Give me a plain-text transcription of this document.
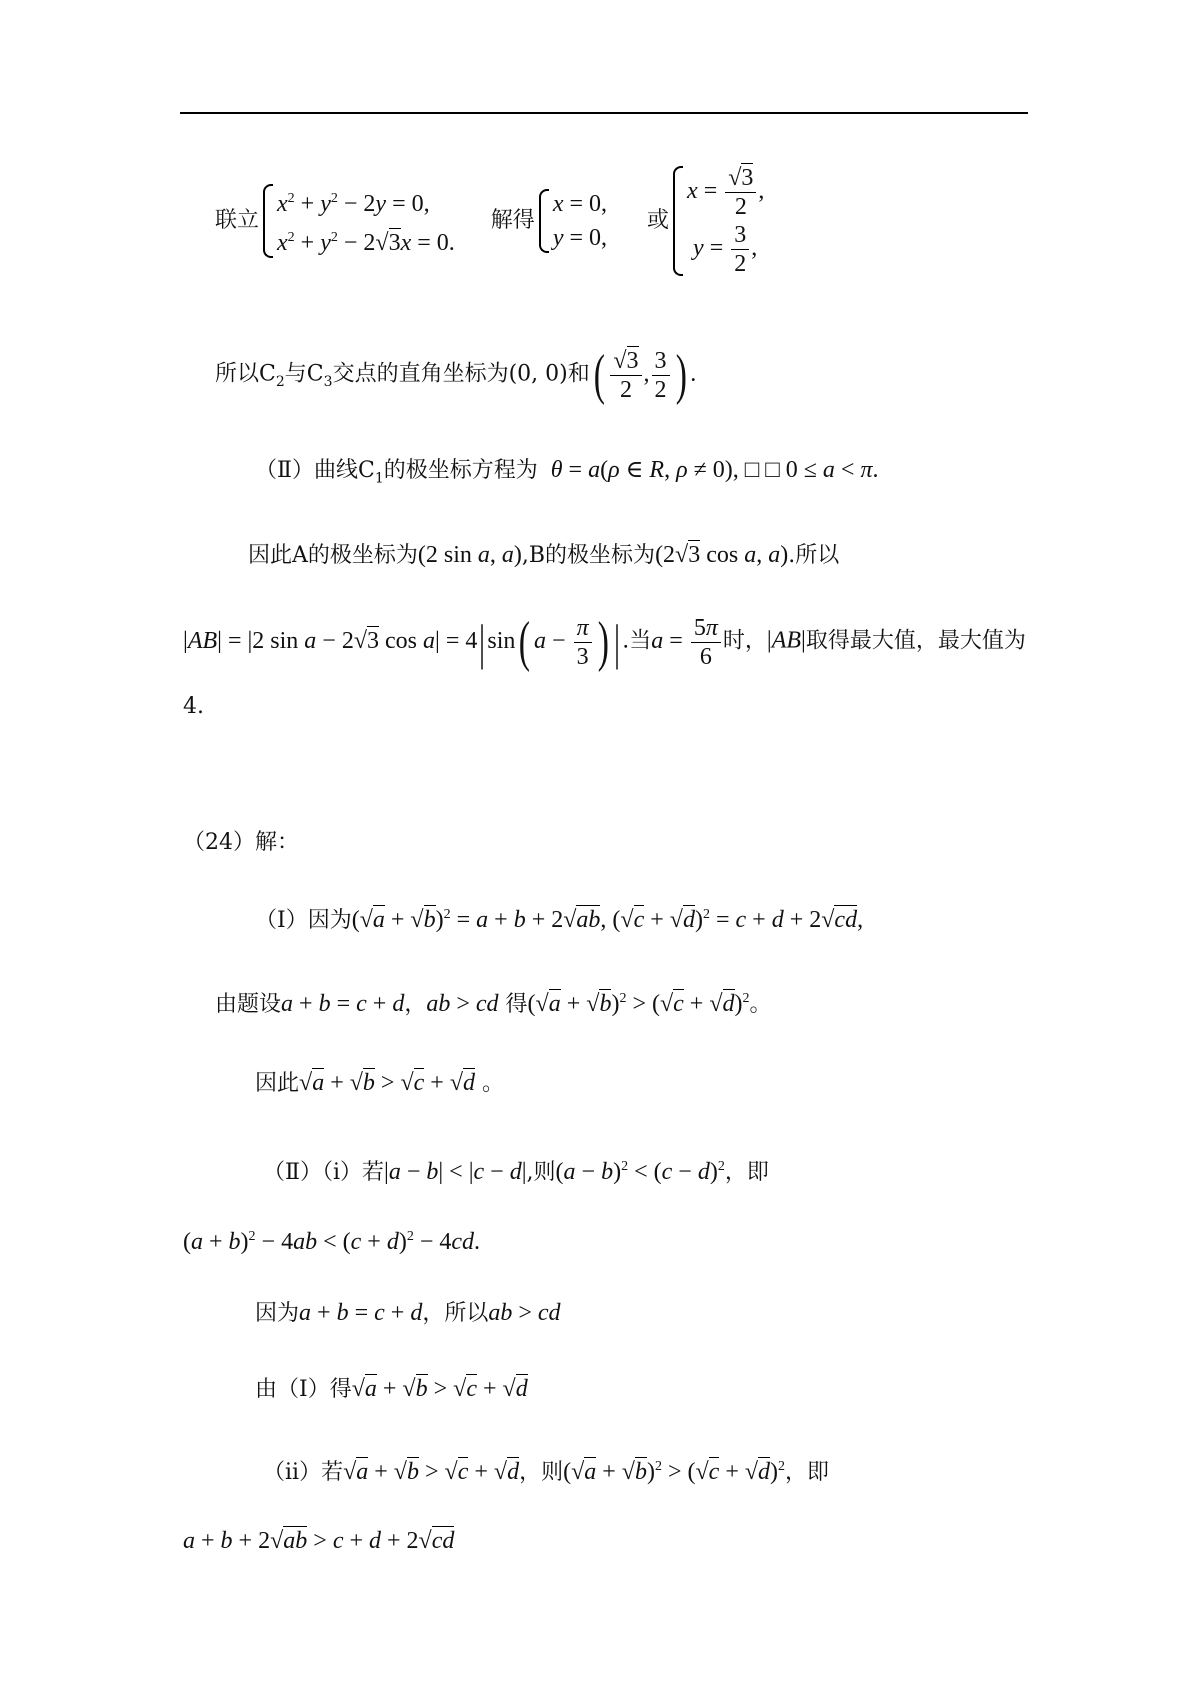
联立
$x^2 + y^2 - 2y = 0$,
$x^2 + y^2 - 2√3x = 0$.
解得
x = 0,
y = 0,
或
$x = \frac{√3}{2}$ ,
$y = \frac{3}{2}$ ,
所以$C_2$与$C_3$交点的直角坐标为(0, 0)和( $\frac{√3}{2}$ , $\frac{3}{2}$ ) .
（Ⅱ）曲线$C_1$的极坐标方程为 θ = a(ρ ∈ R, ρ ≠ 0), □ □ 0 ≤ a < π.
因此A的极坐标为(2 sin a, a),B的极坐标为(2√3 cos a, a).所以
|AB| = |2 sin a − 2√3 cos a| = 4|sin( $a - \frac{\pi}{3}$ ) |.当$a = \frac{5\pi}{6}$ 时，|AB|取得最大值，最大值为
4.
（24）解：
（Ⅰ）因为$(√a + √b)^2 = a + b + 2√ab$, $(√c + √d)^2 = c + d + 2√cd$,
由题设a + b = c + d，ab > cd 得$(√a + √b)^2 > (√c + √d)^2$。
因此√a + √b > √c + √d 。
（Ⅱ）（i）若|a − b| < |c − d|,则$(a - b)^2 < (c - d)^2$，即
$(a + b)^2 - 4ab < (c + d)^2 - 4cd$.
因为a + b = c + d，所以ab > cd
由（Ⅰ）得√a + √b > √c + √d
（ii）若√a + √b > √c + √d，则$(√a + √b)^2 > (√c + √d)^2$，即
a + b + 2√ab > c + d + 2√cd
